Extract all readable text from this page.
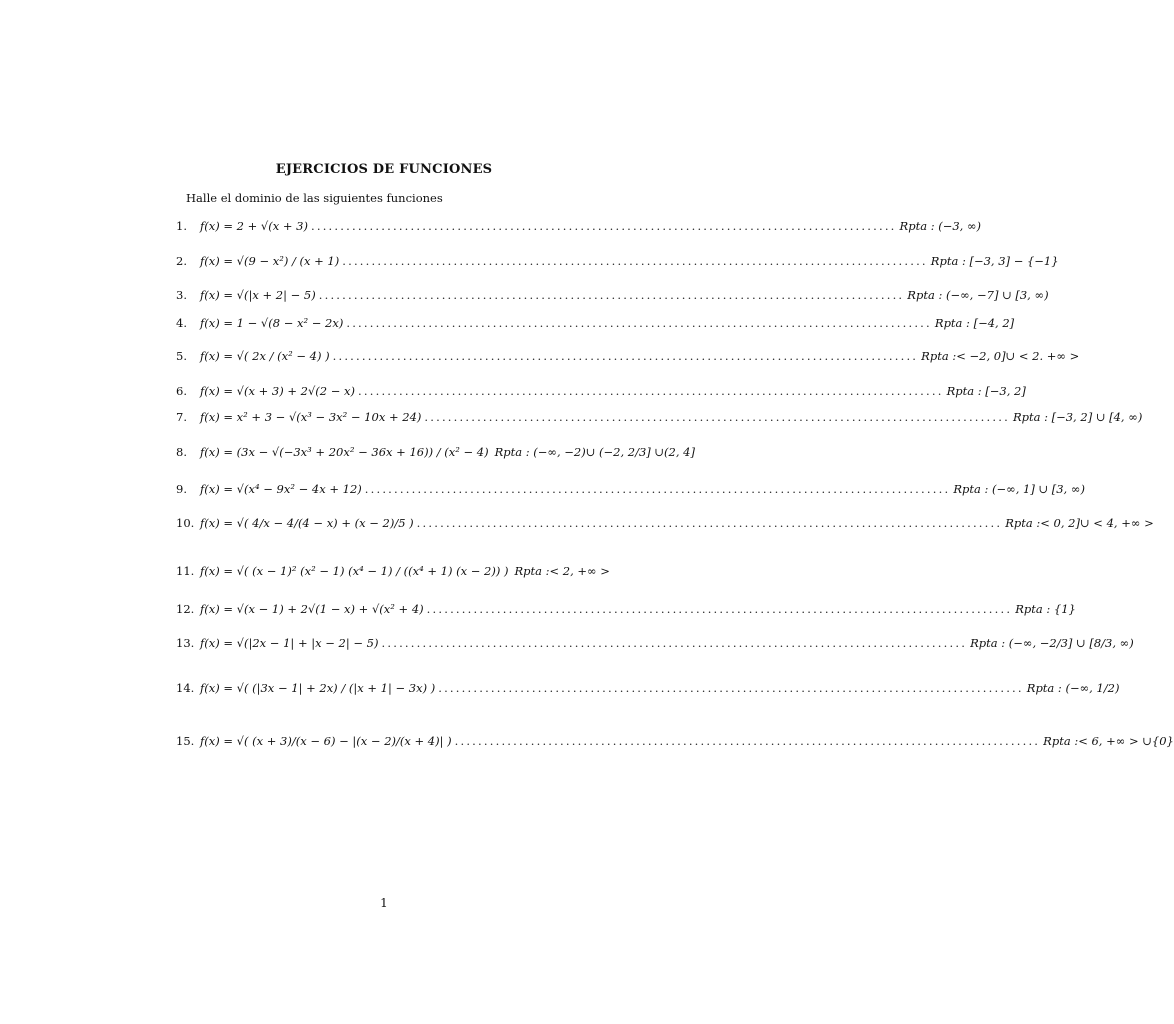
EJERCICIOS DE FUNCIONES
Halle el dominio de las siguientes funciones
1.	f(x) = 2 + √(x + 3) .................................................................................................... Rpta : (−3, ∞)
2.	f(x) = √(9 − x²) / (x + 1) .................................................................................................... Rpta : [−3, 3] − {−1}
3.	f(x) = √(|x + 2| − 5) .................................................................................................... Rpta : (−∞, −7] ∪ [3, ∞)
4.	f(x) = 1 − √(8 − x² − 2x) .................................................................................................... Rpta : [−4, 2]
5.	f(x) = √( 2x / (x² − 4) ) .................................................................................................... Rpta :< −2, 0]∪ < 2. +∞ >
6.	f(x) = √(x + 3) + 2√(2 − x) .................................................................................................... Rpta : [−3, 2]
7.	f(x) = x² + 3 − √(x³ − 3x² − 10x + 24) .................................................................................................... Rpta : [−3, 2] ∪ [4, ∞)
8.	f(x) = (3x − √(−3x³ + 20x² − 36x + 16)) / (x² − 4) Rpta : (−∞, −2)∪ (−2, 2/3] ∪(2, 4]
9.	f(x) = √(x⁴ − 9x² − 4x + 12) .................................................................................................... Rpta : (−∞, 1] ∪ [3, ∞)
10. f(x) = √( 4/x − 4/(4 − x) + (x − 2)/5 ) .................................................................................................... Rpta :< 0, 2]∪ < 4, +∞ >
11. f(x) = √( (x − 1)² (x² − 1) (x⁴ − 1) / ((x⁴ + 1) (x − 2)) ) Rpta :< 2, +∞ >
12. f(x) = √(x − 1) + 2√(1 − x) + √(x² + 4) .................................................................................................... Rpta : {1}
13. f(x) = √(|2x − 1| + |x − 2| − 5) .................................................................................................... Rpta : (−∞, −2/3] ∪ [8/3, ∞)
14. f(x) = √( (|3x − 1| + 2x) / (|x + 1| − 3x) ) .................................................................................................... Rpta : (−∞, 1/2)
15. f(x) = √( (x + 3)/(x − 6) − |(x − 2)/(x + 4)| ) .................................................................................................... Rpta :< 6, +∞ > ∪{0}
1
